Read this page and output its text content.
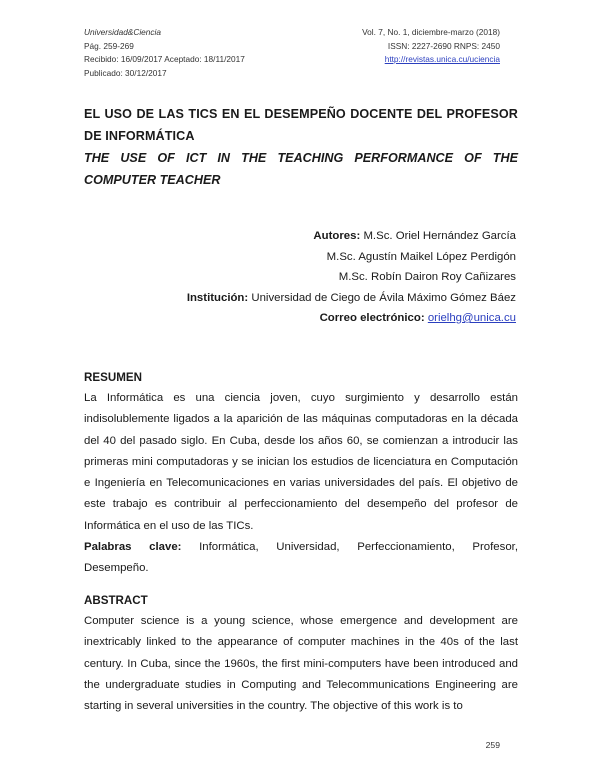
Universidad&Ciencia
Pág. 259-269
Recibido: 16/09/2017 Aceptado: 18/11/2017
Publicado: 30/12/2017
Vol. 7, No. 1, diciembre-marzo (2018)
ISSN: 2227-2690 RNPS: 2450
http://revistas.unica.cu/uciencia

EL USO DE LAS TICS EN EL DESEMPEÑO DOCENTE DEL PROFESOR DE INFORMÁTICA

THE USE OF ICT IN THE TEACHING PERFORMANCE OF THE COMPUTER TEACHER

Autores: M.Sc. Oriel Hernández García
M.Sc. Agustín Maikel López Perdigón
M.Sc. Robín Dairon Roy Cañizares
Institución: Universidad de Ciego de Ávila Máximo Gómez Báez
Correo electrónico: orielhg@unica.cu
RESUMEN

La Informática es una ciencia joven, cuyo surgimiento y desarrollo están indisolublemente ligados a la aparición de las máquinas computadoras en la década del 40 del pasado siglo. En Cuba, desde los años 60, se comienzan a introducir las primeras mini computadoras y se inician los estudios de licenciatura en Computación e Ingeniería en Telecomunicaciones en varias universidades del país. El objetivo de este trabajo es contribuir al perfeccionamiento del desempeño del profesor de Informática en el uso de las TICs.

Palabras clave: Informática, Universidad, Perfeccionamiento, Profesor,

Desempeño.

ABSTRACT

Computer science is a young science, whose emergence and development are inextricably linked to the appearance of computer machines in the 40s of the last century. In Cuba, since the 1960s, the first mini-computers have been introduced and the undergraduate studies in Computing and Telecommunications Engineering are starting in several universities in the country. The objective of this work is to

259
